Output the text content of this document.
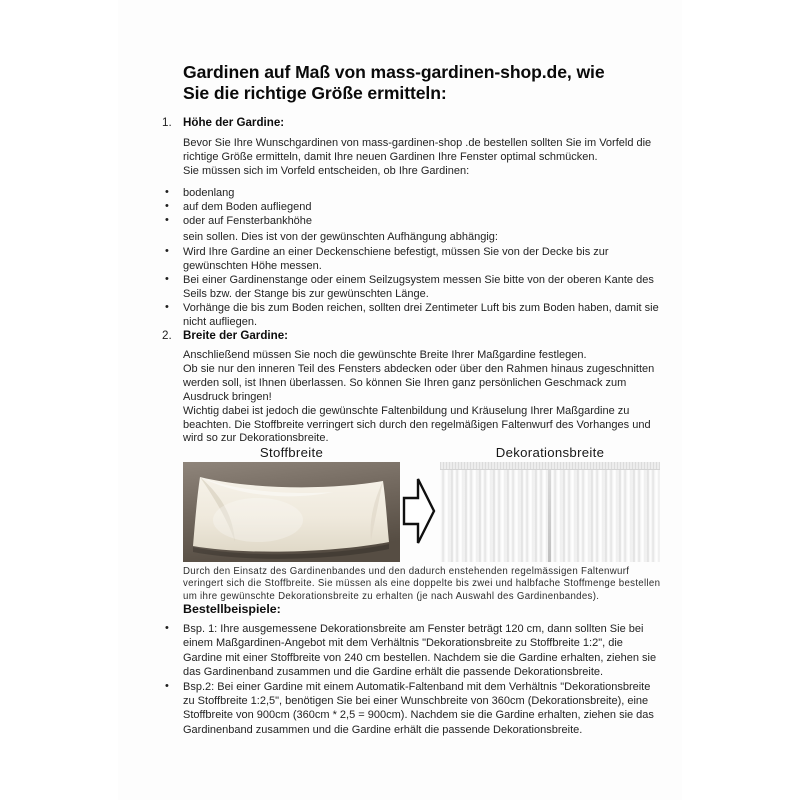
Gardinen auf Maß von mass-gardinen-shop.de, wie
Sie die richtige Größe ermitteln:
1. Höhe der Gardine:
Bevor Sie Ihre Wunschgardinen von mass-gardinen-shop .de bestellen sollten Sie im Vorfeld die richtige Größe ermitteln, damit Ihre neuen Gardinen Ihre Fenster optimal schmücken.
Sie müssen sich im Vorfeld entscheiden, ob Ihre Gardinen:
• bodenlang
• auf dem Boden aufliegend
• oder auf Fensterbankhöhe
sein sollen. Dies ist von der gewünschten Aufhängung abhängig:
• Wird Ihre Gardine an einer Deckenschiene befestigt, müssen Sie von der Decke bis zur gewünschten Höhe messen.
• Bei einer Gardinenstange oder einem Seilzugsystem messen Sie bitte von der oberen Kante des Seils bzw. der Stange bis zur gewünschten Länge.
• Vorhänge die bis zum Boden reichen, sollten drei Zentimeter Luft bis zum Boden haben, damit sie nicht aufliegen.
2. Breite der Gardine:
Anschließend müssen Sie noch die gewünschte Breite Ihrer Maßgardine festlegen.
Ob sie nur den inneren Teil des Fensters abdecken oder über den Rahmen hinaus zugeschnitten werden soll, ist Ihnen überlassen. So können Sie Ihren ganz persönlichen Geschmack zum Ausdruck bringen!
Wichtig dabei ist jedoch die gewünschte Faltenbildung und Kräuselung Ihrer Maßgardine zu beachten. Die Stoffbreite verringert sich durch den regelmäßigen Faltenwurf des Vorhanges und wird so zur Dekorationsbreite.
Stoffbreite	Dekorationsbreite
Durch den Einsatz des Gardinenbandes und den dadurch enstehenden regelmässigen Faltenwurf veringert sich die Stoffbreite. Sie müssen als eine doppelte bis zwei und halbfache Stoffmenge bestellen um ihre gewünschte Dekorationsbreite zu erhalten (je nach Auswahl des Gardinenbandes).
Bestellbeispiele:
• Bsp. 1: Ihre ausgemessene Dekorationsbreite am Fenster beträgt 120 cm, dann sollten Sie bei einem Maßgardinen-Angebot mit dem Verhältnis "Dekorationsbreite zu Stoffbreite 1:2", die Gardine mit einer Stoffbreite von 240 cm bestellen. Nachdem sie die Gardine erhalten, ziehen sie das Gardinenband zusammen und die Gardine erhält die passende Dekorationsbreite.
• Bsp.2: Bei einer Gardine mit einem Automatik-Faltenband mit dem Verhältnis "Dekorationsbreite zu Stoffbreite 1:2,5", benötigen Sie bei einer Wunschbreite von 360cm (Dekorationsbreite), eine Stoffbreite von 900cm (360cm * 2,5 = 900cm). Nachdem sie die Gardine erhalten, ziehen sie das Gardinenband zusammen und die Gardine erhält die passende Dekorationsbreite.
